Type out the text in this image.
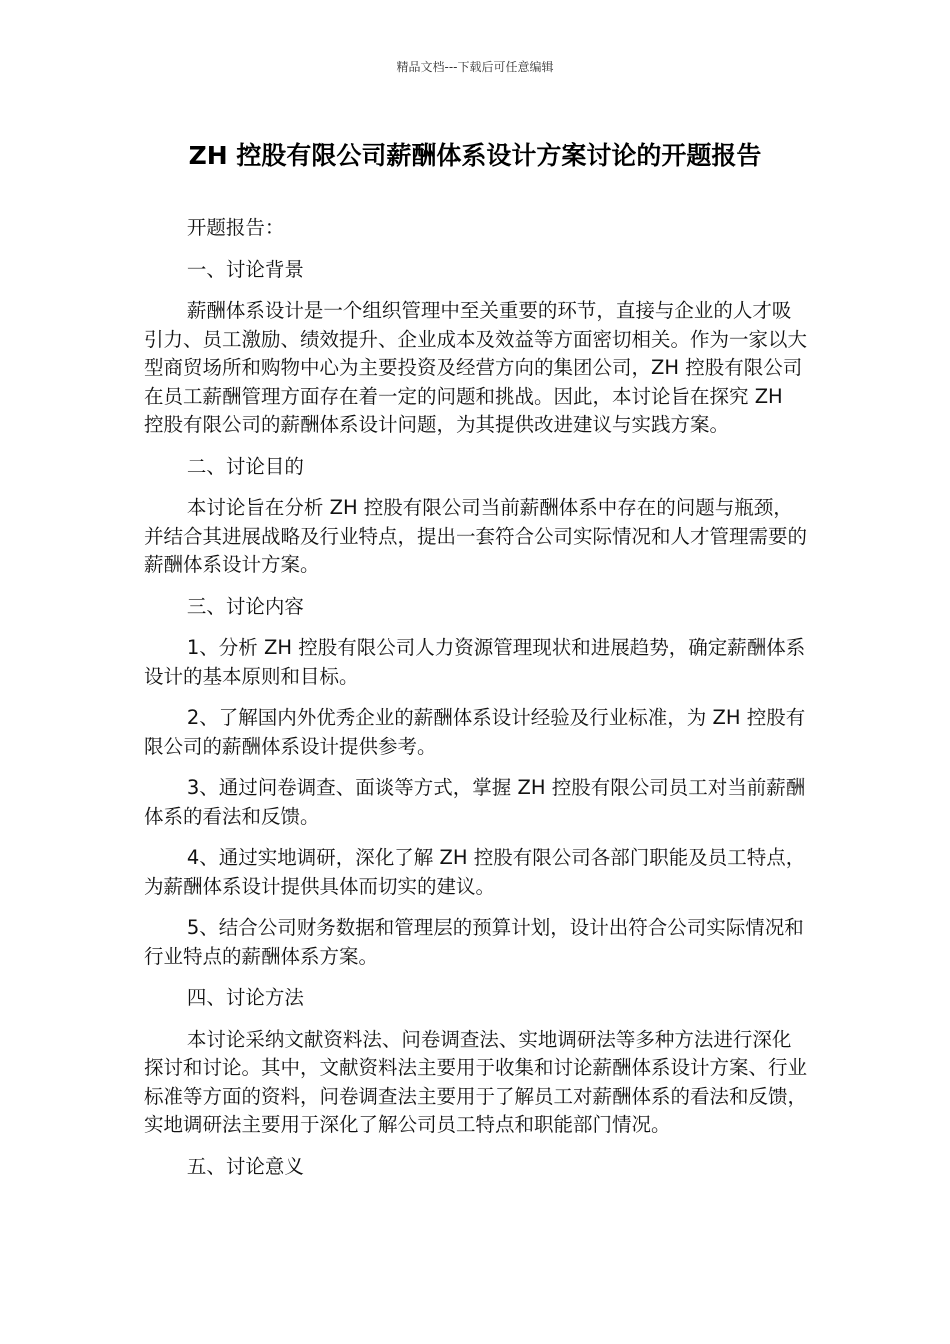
精品文档---下载后可任意编辑
ZH 控股有限公司薪酬体系设计方案讨论的开题报告

开题报告：

一、讨论背景

薪酬体系设计是一个组织管理中至关重要的环节，直接与企业的人才吸引力、员工激励、绩效提升、企业成本及效益等方面密切相关。作为一家以大型商贸场所和购物中心为主要投资及经营方向的集团公司，ZH 控股有限公司在员工薪酬管理方面存在着一定的问题和挑战。因此，本讨论旨在探究 ZH 控股有限公司的薪酬体系设计问题，为其提供改进建议与实践方案。

二、讨论目的

本讨论旨在分析 ZH 控股有限公司当前薪酬体系中存在的问题与瓶颈，并结合其进展战略及行业特点，提出一套符合公司实际情况和人才管理需要的薪酬体系设计方案。

三、讨论内容

1、分析 ZH 控股有限公司人力资源管理现状和进展趋势，确定薪酬体系设计的基本原则和目标。

2、了解国内外优秀企业的薪酬体系设计经验及行业标准，为 ZH 控股有限公司的薪酬体系设计提供参考。

3、通过问卷调查、面谈等方式，掌握 ZH 控股有限公司员工对当前薪酬体系的看法和反馈。

4、通过实地调研，深化了解 ZH 控股有限公司各部门职能及员工特点，为薪酬体系设计提供具体而切实的建议。

5、结合公司财务数据和管理层的预算计划，设计出符合公司实际情况和行业特点的薪酬体系方案。

四、讨论方法

本讨论采纳文献资料法、问卷调查法、实地调研法等多种方法进行深化探讨和讨论。其中，文献资料法主要用于收集和讨论薪酬体系设计方案、行业标准等方面的资料，问卷调查法主要用于了解员工对薪酬体系的看法和反馈，实地调研法主要用于深化了解公司员工特点和职能部门情况。

五、讨论意义
